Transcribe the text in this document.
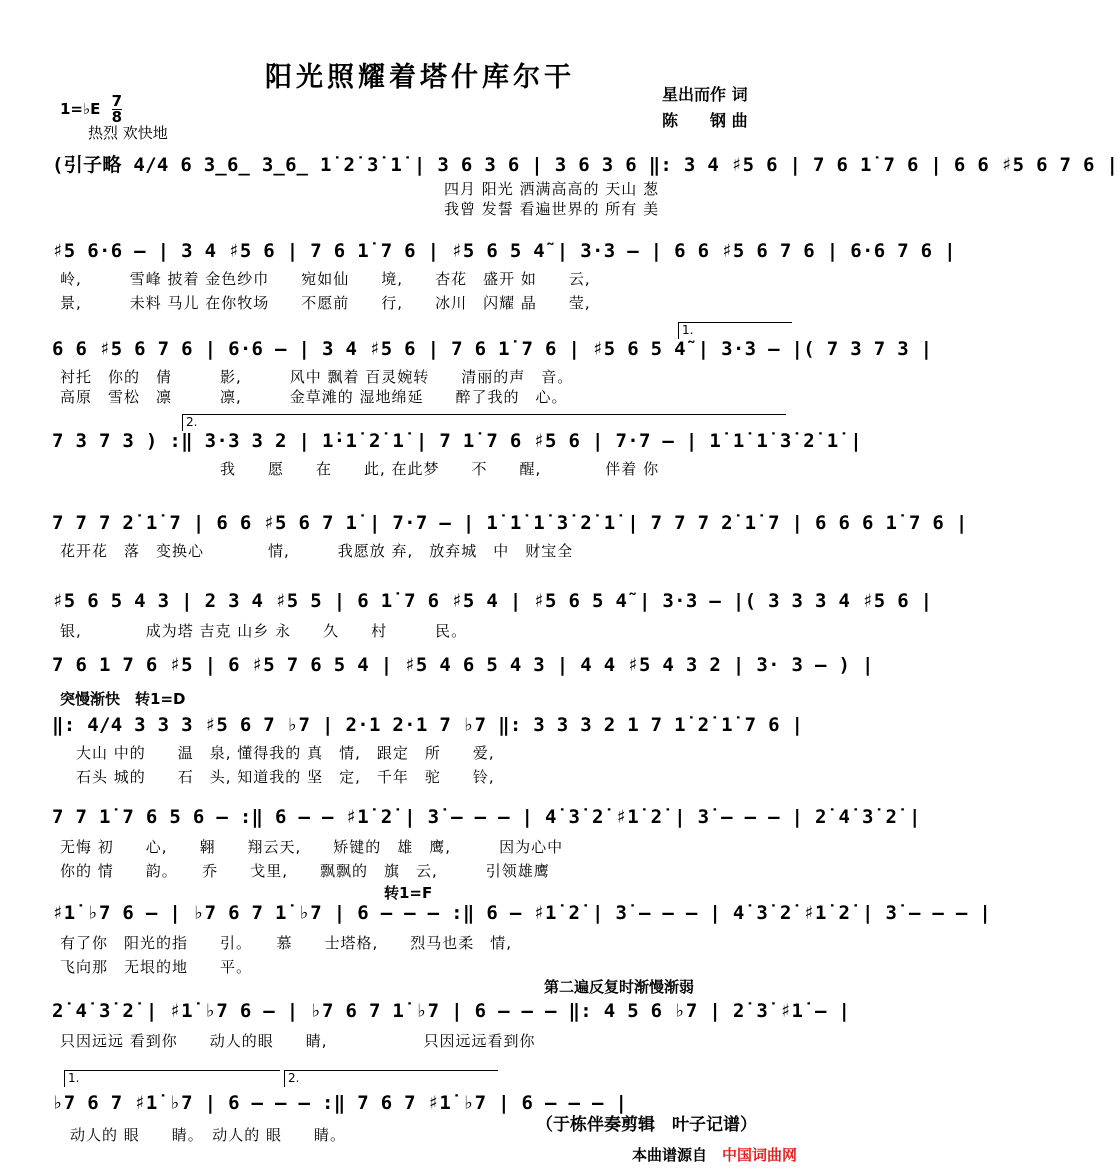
阳光照耀着塔什库尔干
1=♭E $\frac{7}{8}$
热烈 欢快地
星出而作 词
陈　　钢 曲
(引子略 4/4 6 3̲6̲ 3̲6̲ 1̇ 2̇ 3̇ 1̇ | 3 6 3 6 | 3 6 3 6 ‖: 3 4 ♯5 6 | 7 6 1̇ 7 6 | 6 6 ♯5 6 7 6 |
　　　　　　　　　　　　　　　　　　　　　　　　四月 阳光 洒满高高的 天山 葱
　　　　　　　　　　　　　　　　　　　　　　　　我曾 发誓 看遍世界的 所有 美
♯5 6·6 — | 3 4 ♯5 6 | 7 6 1̇ 7 6 | ♯5 6 5 4̃ | 3·3 — | 6 6 ♯5 6 7 6 | 6·6 7 6 |
岭,　　　雪峰 披着 金色纱巾　　宛如仙　　境,　　杏花　盛开 如　　云,
景,　　　未料 马儿 在你牧场　　不愿前　　行,　　冰川　闪耀 晶　　莹,
1.
6 6 ♯5 6 7 6 | 6·6 — | 3 4 ♯5 6 | 7 6 1̇ 7 6 | ♯5 6 5 4̃ | 3·3 — |( 7 3 7 3 |
衬托　你的　倩　　　影,　　　风中 飘着 百灵婉转　　清丽的声　音。
高原　雪松　凛　　　凛,　　　金草滩的 湿地绵延　　醉了我的　心。
2.
7 3 7 3 ) :‖ 3·3 3 2 | 1̇·1̇ 2̇ 1̇ | 7 1̇ 7 6 ♯5 6 | 7·7 — | 1̇ 1̇ 1̇ 3̇ 2̇ 1̇ |
　　　　　　　　　　我　　愿　　在　　此, 在此梦　　不　　醒,　　　　伴着 你
7 7 7 2̇ 1̇ 7 | 6 6 ♯5 6 7 1̇ | 7·7 — | 1̇ 1̇ 1̇ 3̇ 2̇ 1̇ | 7 7 7 2̇ 1̇ 7 | 6 6 6 1̇ 7 6 |
花开花　落　变换心　　　　情,　　　我愿放 弃,　放弃城　中　财宝全
♯5 6 5 4 3 | 2 3 4 ♯5 5 | 6 1̇ 7 6 ♯5 4 | ♯5 6 5 4̃ | 3·3 — |( 3 3 3 4 ♯5 6 |
银,　　　　成为塔 吉克 山乡 永　　久　　村　　　民。
7 6 1 7 6 ♯5 | 6 ♯5 7 6 5 4 | ♯5 4 6 5 4 3 | 4 4 ♯5 4 3 2 | 3· 3 — ) |
突慢渐快　转1=D
‖: 4/4 3 3 3 ♯5 6 7 ♭7 | 2·1 2·1 7 ♭7 ‖: 3 3 3 2 1 7 1̇ 2̇ 1̇ 7 6 |
　大山 中的　　温　泉, 懂得我的 真　情,　跟定　所　　爱,
　石头 城的　　石　头, 知道我的 坚　定,　千年　驼　　铃,
7 7 1̇ 7 6 5 6 — :‖ 6 — — ♯1̇ 2̇ | 3̇ — — — | 4̇ 3̇ 2̇ ♯1̇ 2̇ | 3̇ — — — | 2̇ 4̇ 3̇ 2̇ |
无悔 初　　心,　　翱　　翔云天,　　矫键的　雄　鹰,　　　因为心中
你的 情　　韵。　　乔　　戈里,　　飘飘的　旗　云,　　　引领雄鹰
转1=F
♯1̇ ♭7 6 — | ♭7 6 7 1̇ ♭7 | 6 — — — :‖ 6 — ♯1̇ 2̇ | 3̇ — — — | 4̇ 3̇ 2̇ ♯1̇ 2̇ | 3̇ — — — |
有了你　阳光的指　　引。　　慕　　士塔格,　　烈马也柔　情,
飞向那　无垠的地　　平。
第二遍反复时渐慢渐弱
2̇ 4̇ 3̇ 2̇ | ♯1̇ ♭7 6 — | ♭7 6 7 1̇ ♭7 | 6 — — — ‖: 4 5 6 ♭7 | 2̇ 3̇ ♯1̇ — |
只因远远 看到你　　动人的眼　　睛,　　　　　　只因远远看到你
1.	2.
♭7 6 7 ♯1̇ ♭7 | 6 — — — :‖ 7 6 7 ♯1̇ ♭7 | 6 — — — |
动人的 眼　　睛。　动人的 眼　　睛。	（于栋伴奏剪辑　叶子记谱）
本曲谱源自 中国词曲网
